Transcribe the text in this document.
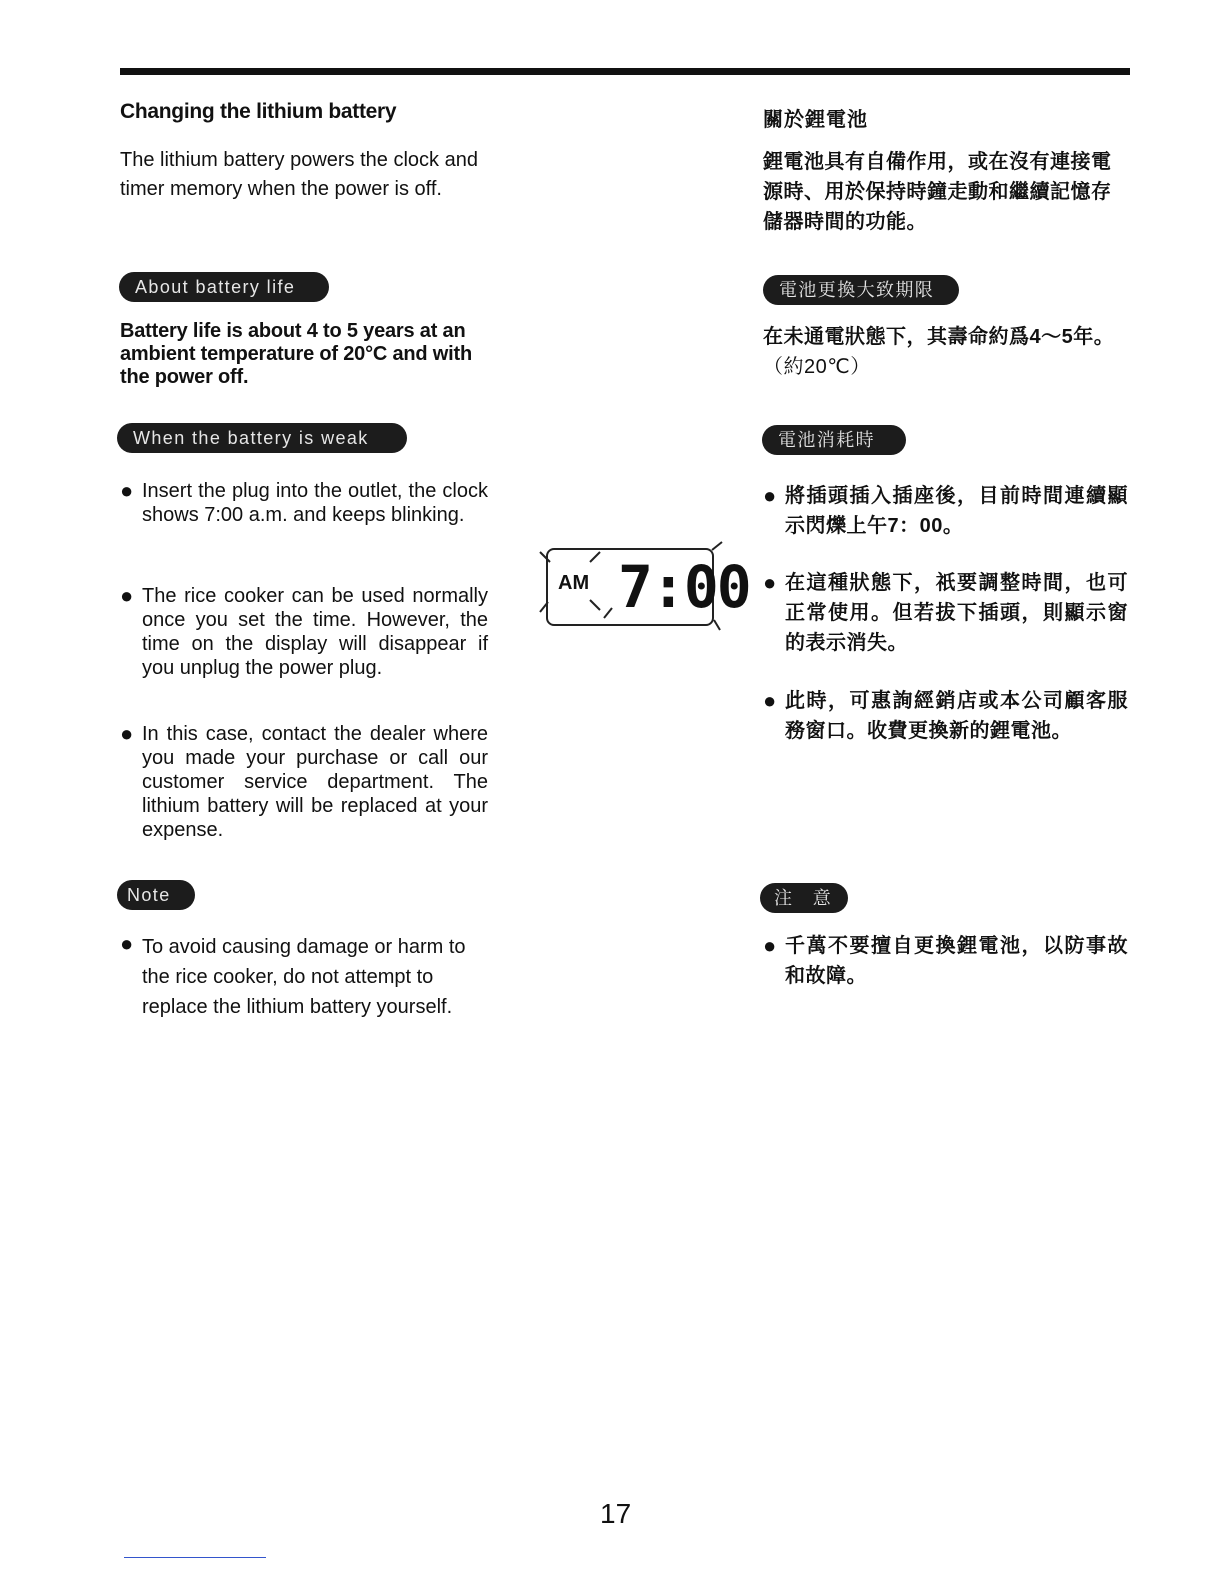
Changing the lithium battery
The lithium battery powers the clock and timer memory when the power is off.
About battery life
Battery life is about 4 to 5 years at an ambient temperature of 20°C and with the power off.
When the battery is weak
● Insert the plug into the outlet, the clock shows 7:00 a.m. and keeps blinking.
● The rice cooker can be used normally once you set the time. However, the time on the display will disappear if you unplug the power plug.
● In this case, contact the dealer where you made your purchase or call our customer service department. The lithium battery will be replaced at your expense.
Note
● To avoid causing damage or harm to the rice cooker, do not attempt to replace the lithium battery yourself.
AM 7:00
關於鋰電池
鋰電池具有自備作用，或在沒有連接電源時、用於保持時鐘走動和繼續記憶存儲器時間的功能。
電池更換大致期限
在未通電狀態下，其壽命約爲4～5年。
（約20℃）
電池消耗時
● 將插頭插入插座後，目前時間連續顯示閃爍上午7：00。
● 在這種狀態下，祇要調整時間，也可正常使用。但若拔下插頭，則顯示窗的表示消失。
● 此時，可惠詢經銷店或本公司顧客服務窗口。收費更換新的鋰電池。
注　意
● 千萬不要擅自更換鋰電池，以防事故和故障。
17
